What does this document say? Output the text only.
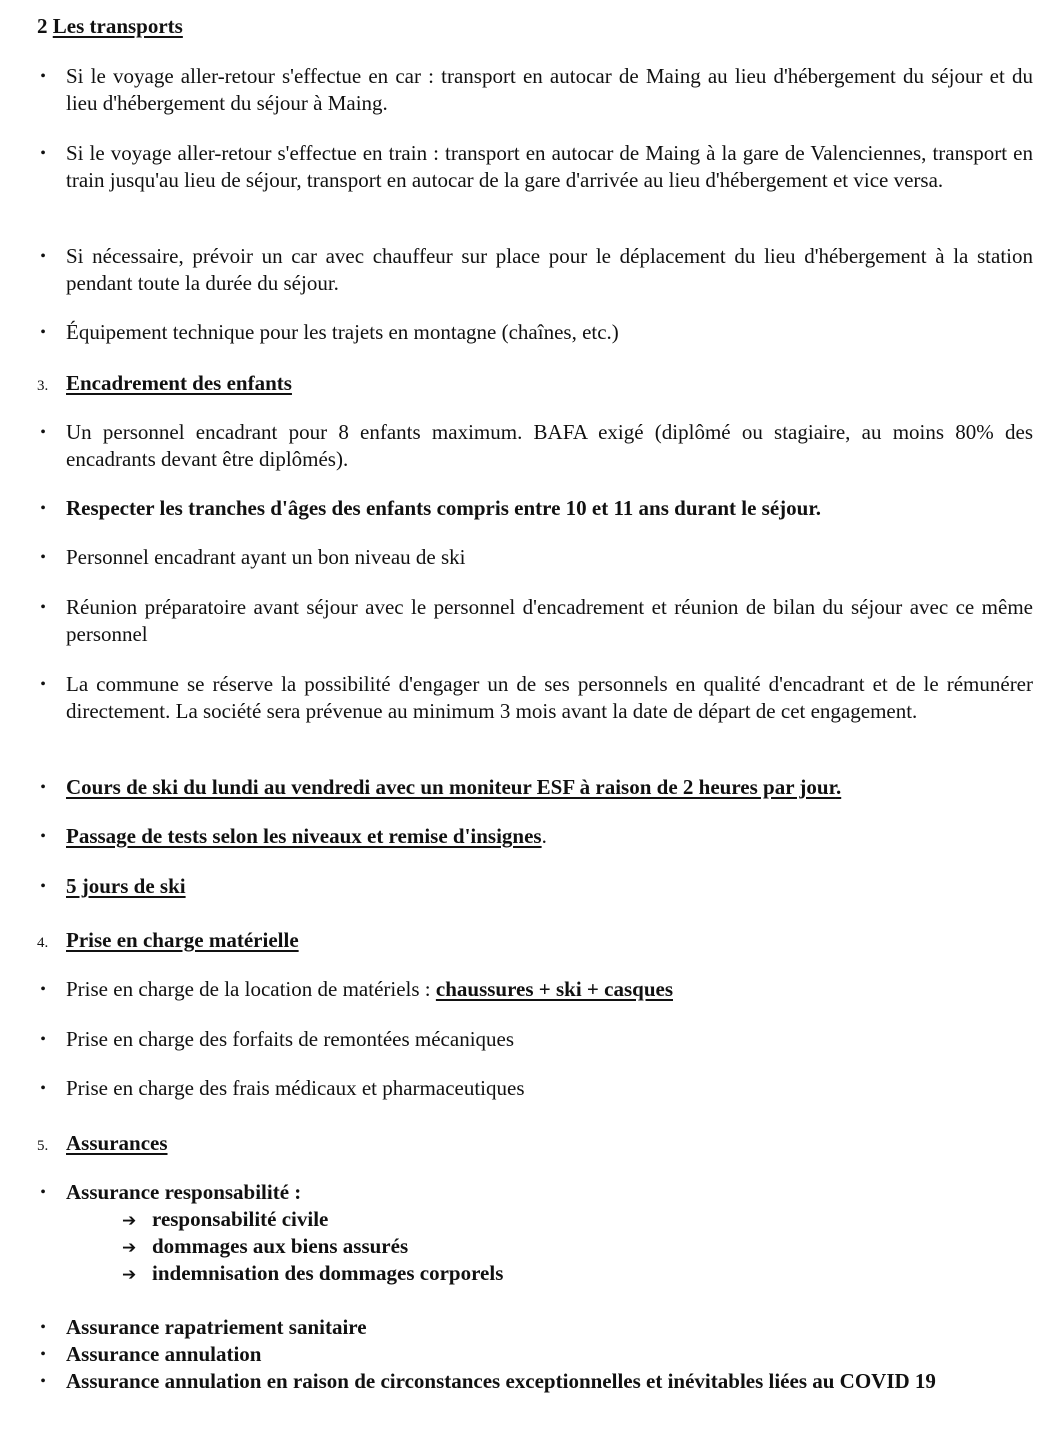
2 Les transports
• Si le voyage aller-retour s'effectue en car : transport en autocar de Maing au lieu d'hébergement du séjour et du lieu d'hébergement du séjour à Maing.
• Si le voyage aller-retour s'effectue en train : transport en autocar de Maing à la gare de Valenciennes, transport en train jusqu'au lieu de séjour, transport en autocar de la gare d'arrivée au lieu d'hébergement et vice versa.
• Si nécessaire, prévoir un car avec chauffeur sur place pour le déplacement du lieu d'hébergement à la station pendant toute la durée du séjour.
• Équipement technique pour les trajets en montagne (chaînes, etc.)
3. Encadrement des enfants
• Un personnel encadrant pour 8 enfants maximum. BAFA exigé (diplômé ou stagiaire, au moins 80% des encadrants devant être diplômés).
• Respecter les tranches d'âges des enfants compris entre 10 et 11 ans durant le séjour.
• Personnel encadrant ayant un bon niveau de ski
• Réunion préparatoire avant séjour avec le personnel d'encadrement et réunion de bilan du séjour avec ce même personnel
• La commune se réserve la possibilité d'engager un de ses personnels en qualité d'encadrant et de le rémunérer directement. La société sera prévenue au minimum 3 mois avant la date de départ de cet engagement.
• Cours de ski du lundi au vendredi avec un moniteur ESF à raison de 2 heures par jour.
• Passage de tests selon les niveaux et remise d'insignes.
• 5 jours de ski
4. Prise en charge matérielle
• Prise en charge de la location de matériels : chaussures + ski + casques
• Prise en charge des forfaits de remontées mécaniques
• Prise en charge des frais médicaux et pharmaceutiques
5. Assurances
• Assurance responsabilité :
➔ responsabilité civile
➔ dommages aux biens assurés
➔ indemnisation des dommages corporels
• Assurance rapatriement sanitaire
• Assurance annulation
• Assurance annulation en raison de circonstances exceptionnelles et inévitables liées au COVID 19
